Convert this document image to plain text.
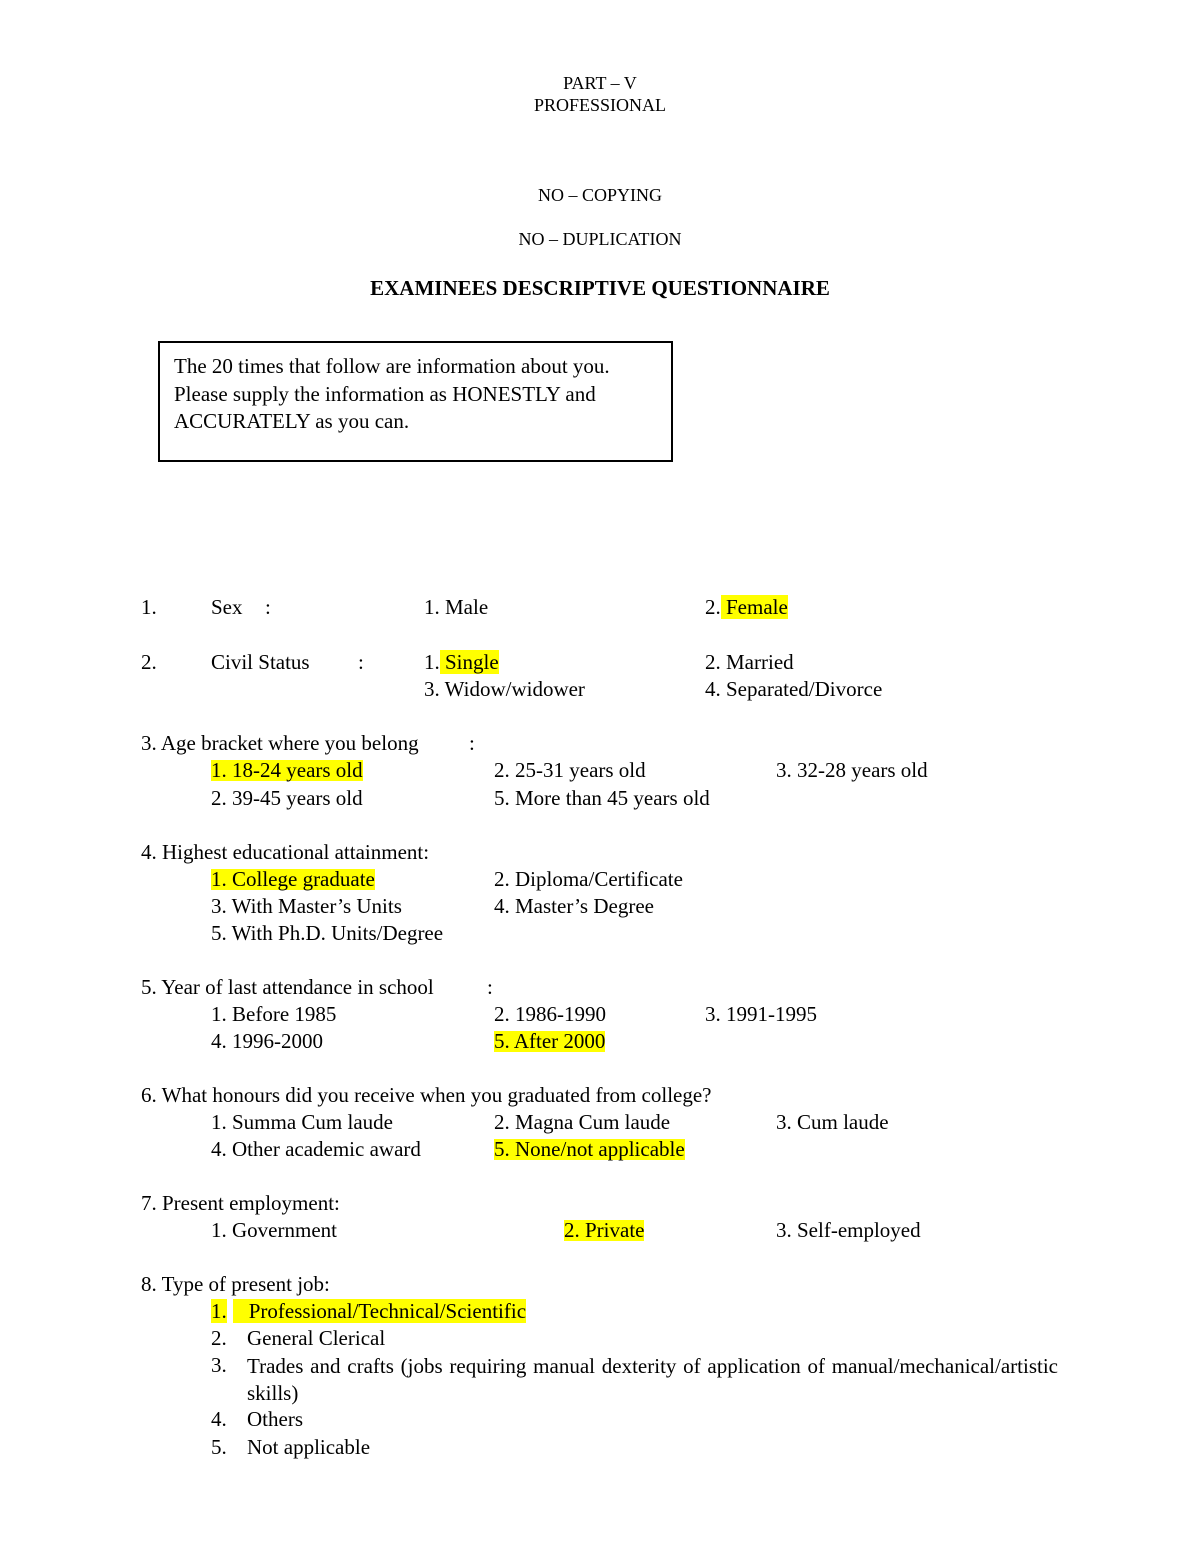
PART – V
PROFESSIONAL
NO – COPYING
NO – DUPLICATION
EXAMINEES DESCRIPTIVE QUESTIONNAIRE
The 20 times that follow are information about you. Please supply the information as HONESTLY and ACCURATELY as you can.
1.	Sex :	1. Male	2. Female
2.	Civil Status :	1. Single	2. Married
3. Widow/widower	4. Separated/Divorce
3. Age bracket where you belong :
1. 18-24 years old	2. 25-31 years old	3. 32-28 years old
2. 39-45 years old	5. More than 45 years old
4. Highest educational attainment:
1. College graduate	2. Diploma/Certificate
3. With Master’s Units	4. Master’s Degree
5. With Ph.D. Units/Degree
5. Year of last attendance in school	:
1. Before 1985	2. 1986-1990	3. 1991-1995
4. 1996-2000	5. After 2000
6. What honours did you receive when you graduated from college?
1. Summa Cum laude	2. Magna Cum laude	3. Cum laude
4. Other academic award	5. None/not applicable
7. Present employment:
1. Government	2. Private	3. Self-employed
8. Type of present job:
1.	Professional/Technical/Scientific
2. General Clerical
3. Trades and crafts (jobs requiring manual dexterity of application of manual/mechanical/artistic skills)
4. Others
5. Not applicable
